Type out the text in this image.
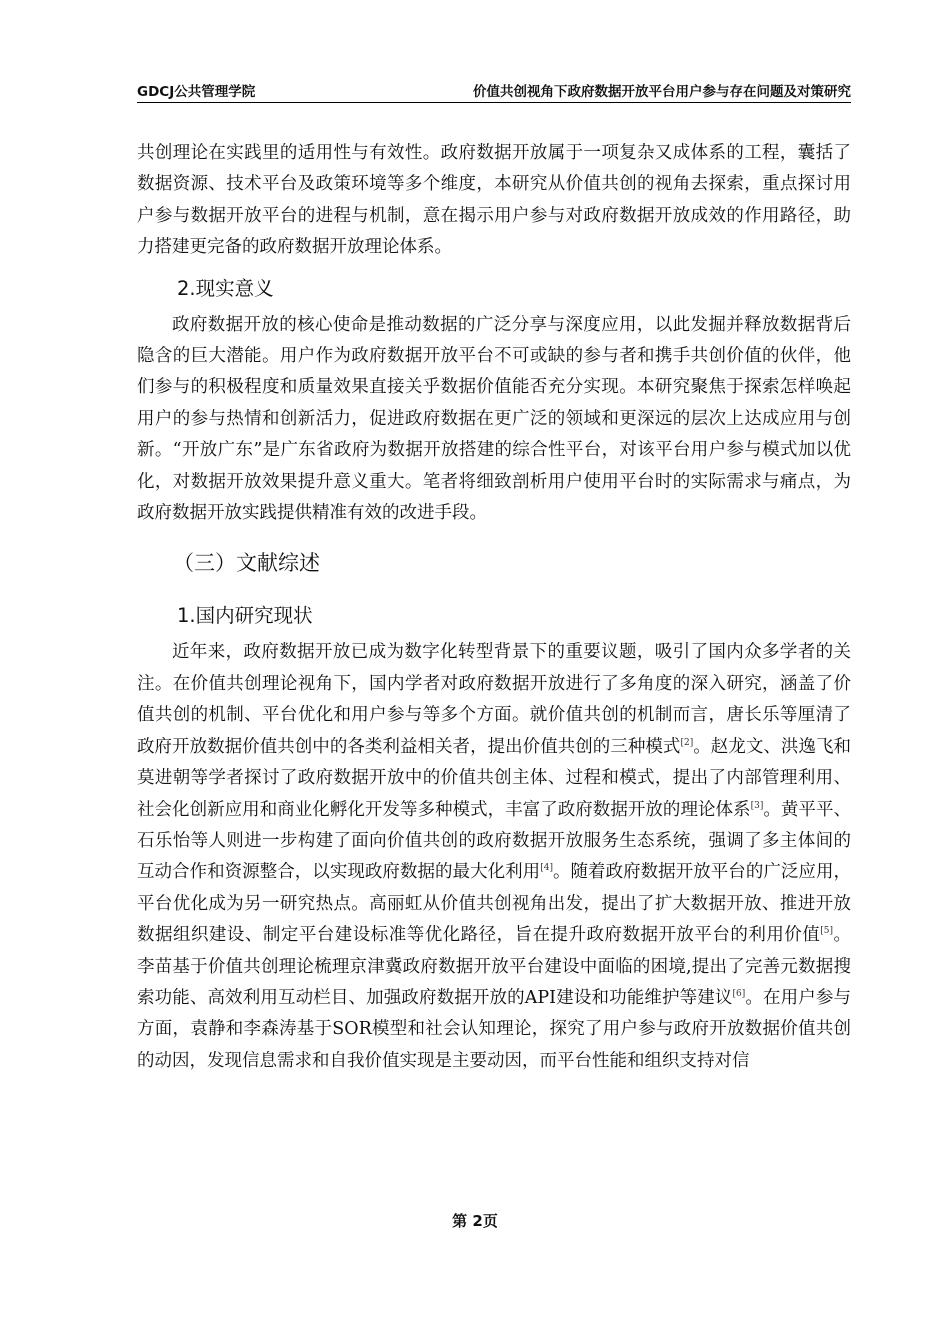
GDCJ公共管理学院	价值共创视角下政府数据开放平台用户参与存在问题及对策研究

共创理论在实践里的适用性与有效性。政府数据开放属于一项复杂又成体系的工程，囊括了数据资源、技术平台及政策环境等多个维度，本研究从价值共创的视角去探索，重点探讨用户参与数据开放平台的进程与机制，意在揭示用户参与对政府数据开放成效的作用路径，助力搭建更完备的政府数据开放理论体系。

2.现实意义

政府数据开放的核心使命是推动数据的广泛分享与深度应用，以此发掘并释放数据背后隐含的巨大潜能。用户作为政府数据开放平台不可或缺的参与者和携手共创价值的伙伴，他们参与的积极程度和质量效果直接关乎数据价值能否充分实现。本研究聚焦于探索怎样唤起用户的参与热情和创新活力，促进政府数据在更广泛的领域和更深远的层次上达成应用与创新。“开放广东”是广东省政府为数据开放搭建的综合性平台，对该平台用户参与模式加以优化，对数据开放效果提升意义重大。笔者将细致剖析用户使用平台时的实际需求与痛点，为政府数据开放实践提供精准有效的改进手段。

（三）文献综述
1.国内研究现状

近年来，政府数据开放已成为数字化转型背景下的重要议题，吸引了国内众多学者的关注。在价值共创理论视角下，国内学者对政府数据开放进行了多角度的深入研究，涵盖了价值共创的机制、平台优化和用户参与等多个方面。就价值共创的机制而言，唐长乐等厘清了政府开放数据价值共创中的各类利益相关者，提出价值共创的三种模式[2]。赵龙文、洪逸飞和莫进朝等学者探讨了政府数据开放中的价值共创主体、过程和模式，提出了内部管理利用、社会化创新应用和商业化孵化开发等多种模式，丰富了政府数据开放的理论体系[3]。黄平平、石乐怡等人则进一步构建了面向价值共创的政府数据开放服务生态系统，强调了多主体间的互动合作和资源整合，以实现政府数据的最大化利用[4]。随着政府数据开放平台的广泛应用，平台优化成为另一研究热点。高丽虹从价值共创视角出发，提出了扩大数据开放、推进开放数据组织建设、制定平台建设标准等优化路径，旨在提升政府数据开放平台的利用价值[5]。 李苗基于价值共创理论梳理京津冀政府数据开放平台建设中面临的困境,提出了完善元数据搜索功能、高效利用互动栏目、加强政府数据开放的API建设和功能维护等建议[6]。在用户参与方面，袁静和李森涛基于SOR模型和社会认知理论，探究了用户参与政府开放数据价值共创的动因，发现信息需求和自我价值实现是主要动因，而平台性能和组织支持对信

第 2页
